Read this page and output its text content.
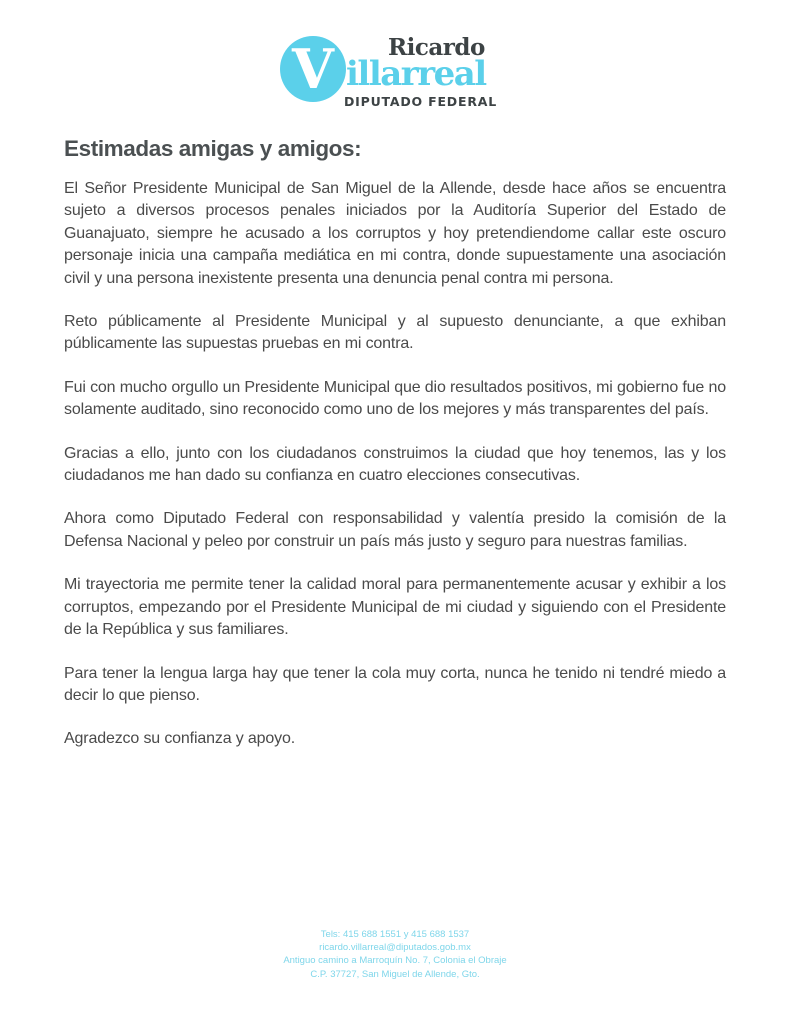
V	Ricardo
illarreal
DIPUTADO FEDERAL
Estimadas amigas y amigos:

El Señor Presidente Municipal de San Miguel de la Allende, desde hace años se encuentra sujeto a diversos procesos penales iniciados por la Auditoría Superior del Estado de Guanajuato, siempre he acusado a los corruptos y hoy pretendiendome callar este oscuro personaje inicia una campaña mediática en mi contra, donde supuestamente una asociación civil y una persona inexistente presenta una denuncia penal contra mi persona.

Reto públicamente al Presidente Municipal y al supuesto denunciante, a que exhiban públicamente las supuestas pruebas en mi contra.

Fui con mucho orgullo un Presidente Municipal que dio resultados positivos, mi gobierno fue no solamente auditado, sino reconocido como uno de los mejores y más transparentes del país.

Gracias a ello, junto con los ciudadanos construimos la ciudad que hoy tenemos, las y los ciudadanos me han dado su confianza en cuatro elecciones consecutivas.

Ahora como Diputado Federal con responsabilidad y valentía presido la comisión de la Defensa Nacional y peleo por construir un país más justo y seguro para nuestras familias.

Mi trayectoria me permite tener la calidad moral para permanentemente acusar y exhibir a los corruptos, empezando por el Presidente Municipal de mi ciudad y siguiendo con el Presidente de la República y sus familiares.

Para tener la lengua larga hay que tener la cola muy corta, nunca he tenido ni tendré miedo a decir lo que pienso.

Agradezco su confianza y apoyo.

Tels: 415 688 1551 y 415 688 1537
ricardo.villarreal@diputados.gob.mx
Antiguo camino a Marroquín No. 7, Colonia el Obraje
C.P. 37727, San Miguel de Allende, Gto.
